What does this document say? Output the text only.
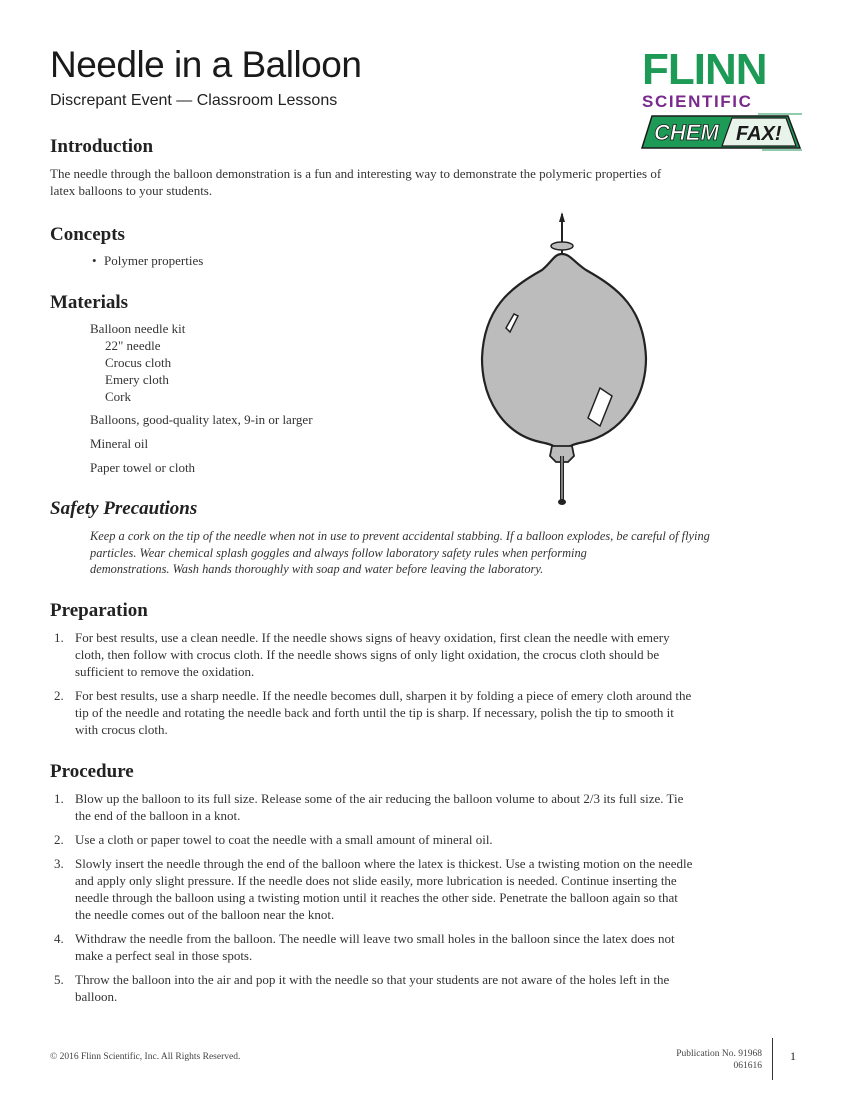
Needle in a Balloon
Discrepant Event — Classroom Lessons
FLINN
SCIENTIFIC
CHEM FAX!
Introduction
The needle through the balloon demonstration is a fun and interesting way to demonstrate the polymeric properties of
latex balloons to your students.
Concepts
• Polymer properties
Materials
Balloon needle kit
22" needle
Crocus cloth
Emery cloth
Cork
Balloons, good-quality latex, 9-in or larger
Mineral oil
Paper towel or cloth
Safety Precautions
Keep a cork on the tip of the needle when not in use to prevent accidental stabbing. If a balloon explodes, be careful of flying
particles. Wear chemical splash goggles and always follow laboratory safety rules when performing
demonstrations. Wash hands thoroughly with soap and water before leaving the laboratory.
Preparation
1. For best results, use a clean needle. If the needle shows signs of heavy oxidation, first clean the needle with emery
cloth, then follow with crocus cloth. If the needle shows signs of only light oxidation, the crocus cloth should be
sufficient to remove the oxidation.
2. For best results, use a sharp needle. If the needle becomes dull, sharpen it by folding a piece of emery cloth around the
tip of the needle and rotating the needle back and forth until the tip is sharp. If necessary, polish the tip to smooth it
with crocus cloth.
Procedure
1. Blow up the balloon to its full size. Release some of the air reducing the balloon volume to about 2/3 its full size. Tie
the end of the balloon in a knot.
2. Use a cloth or paper towel to coat the needle with a small amount of mineral oil.
3. Slowly insert the needle through the end of the balloon where the latex is thickest. Use a twisting motion on the needle
and apply only slight pressure. If the needle does not slide easily, more lubrication is needed. Continue inserting the
needle through the balloon using a twisting motion until it reaches the other side. Penetrate the balloon again so that
the needle comes out of the balloon near the knot.
4. Withdraw the needle from the balloon. The needle will leave two small holes in the balloon since the latex does not
make a perfect seal in those spots.
5. Throw the balloon into the air and pop it with the needle so that your students are not aware of the holes left in the
balloon.
© 2016 Flinn Scientific, Inc. All Rights Reserved.	Publication No. 91968
061616
1
